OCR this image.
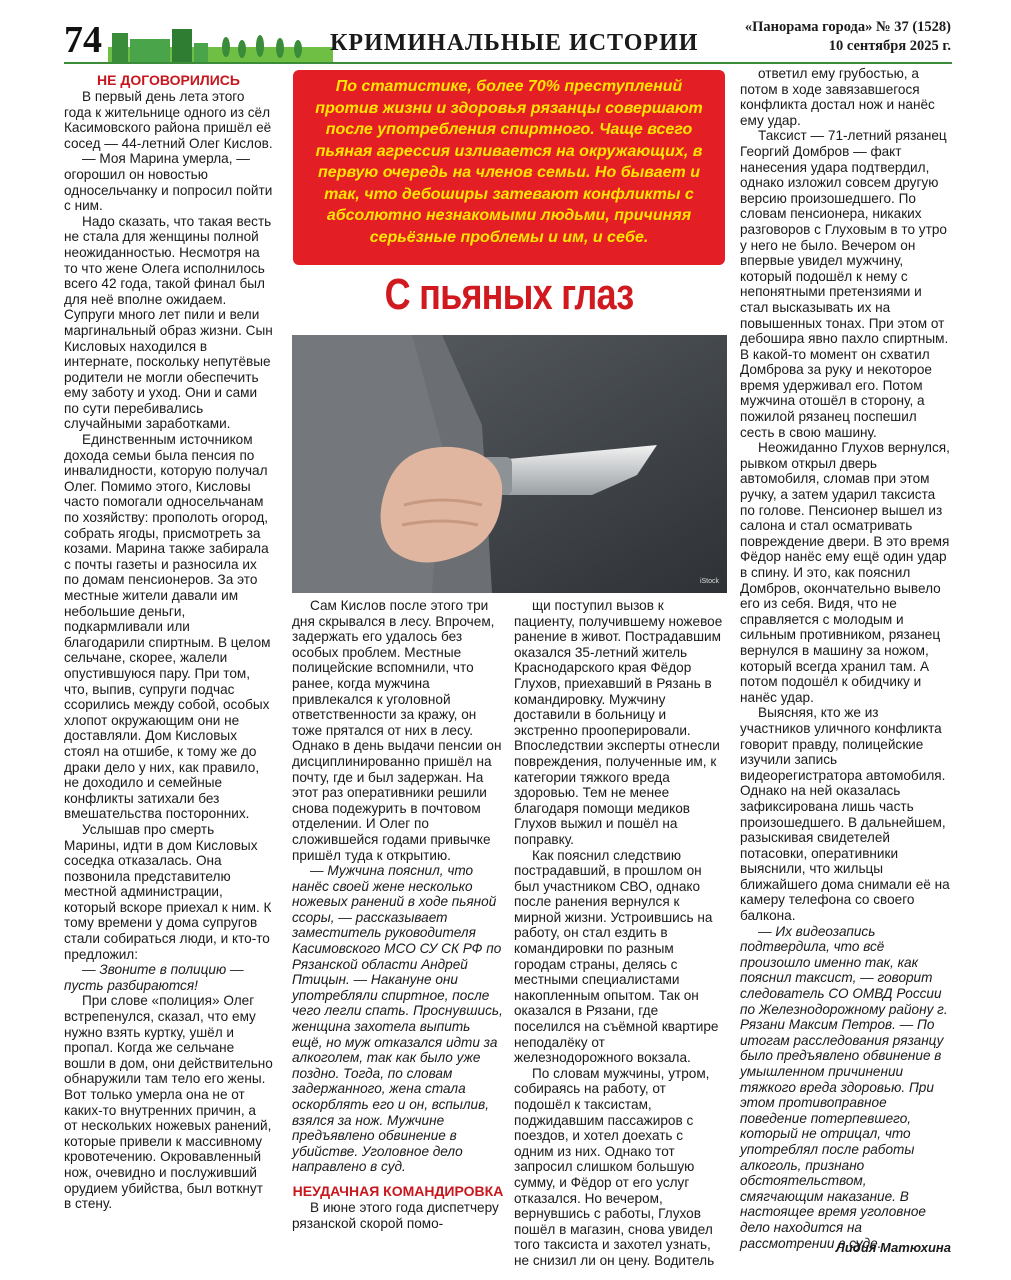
74	КРИМИНАЛЬНЫЕ ИСТОРИИ
«Панорама города» № 37 (1528)
10 сентября 2025 г.
НЕ ДОГОВОРИЛИСЬ

В первый день лета этого года к жительнице одного из сёл Касимовского района пришёл её сосед — 44-летний Олег Кислов.

— Моя Марина умерла, — огорошил он новостью односельчанку и попросил пойти с ним.

Надо сказать, что такая весть не стала для женщины полной неожиданностью. Несмотря на то что жене Олега исполнилось всего 42 года, такой финал был для неё вполне ожидаем. Супруги много лет пили и вели маргинальный образ жизни. Сын Кисловых находился в интернате, поскольку непутёвые родители не могли обеспечить ему заботу и уход. Они и сами по сути перебивались случайными заработками.

Единственным источником дохода семьи была пенсия по инвалидности, которую получал Олег. Помимо этого, Кисловы часто помогали односельчанам по хозяйству: прополоть огород, собрать ягоды, присмотреть за козами. Марина также забирала с почты газеты и разносила их по домам пенсионеров. За это местные жители давали им небольшие деньги, подкармливали или благодарили спиртным. В целом сельчане, скорее, жалели опустившуюся пару. При том, что, выпив, супруги подчас ссорились между собой, особых хлопот окружающим они не доставляли. Дом Кисловых стоял на отшибе, к тому же до драки дело у них, как правило, не доходило и семейные конфликты затихали без вмешательства посторонних.

Услышав про смерть Марины, идти в дом Кисловых соседка отказалась. Она позвонила представителю местной администрации, который вскоре приехал к ним. К тому времени у дома супругов стали собираться люди, и кто-то предложил:

— Звоните в полицию — пусть разбираются!

При слове «полиция» Олег встрепенулся, сказал, что ему нужно взять куртку, ушёл и пропал. Когда же сельчане вошли в дом, они действительно обнаружили там тело его жены. Вот только умерла она не от каких-то внутренних причин, а от нескольких ножевых ранений, которые привели к массивному кровотечению. Окровавленный нож, очевидно и послуживший орудием убийства, был воткнут в стену.

По статистике, более 70% преступлений против жизни и здоровья рязанцы совершают после употребления спиртного. Чаще всего пьяная агрессия изливается на окружающих, в первую очередь на членов семьи. Но бывает и так, что дебоширы затевают конфликты с абсолютно незнакомыми людьми, причиняя серьёзные проблемы и им, и себе.
С пьяных глаз
iStock

Сам Кислов после этого три дня скрывался в лесу. Впрочем, задержать его удалось без особых проблем. Местные полицейские вспомнили, что ранее, когда мужчина привлекался к уголовной ответственности за кражу, он тоже прятался от них в лесу. Однако в день выдачи пенсии он дисциплинированно пришёл на почту, где и был задержан. На этот раз оперативники решили снова подежурить в почтовом отделении. И Олег по сложившейся годами привычке пришёл туда к открытию.

— Мужчина пояснил, что нанёс своей жене несколько ножевых ранений в ходе пьяной ссоры, — рассказывает заместитель руководителя Касимовского МСО СУ СК РФ по Рязанской области Андрей Птицын. — Накануне они употребляли спиртное, после чего легли спать. Проснувшись, женщина захотела выпить ещё, но муж отказался идти за алкоголем, так как было уже поздно. Тогда, по словам задержанного, жена стала оскорблять его и он, вспылив, взялся за нож. Мужчине предъявлено обвинение в убийстве. Уголовное дело направлено в суд.

НЕУДАЧНАЯ КОМАНДИРОВКА

В июне этого года диспетчеру рязанской скорой помо-

щи поступил вызов к пациенту, получившему ножевое ранение в живот. Пострадавшим оказался 35-летний житель Краснодарского края Фёдор Глухов, приехавший в Рязань в командировку. Мужчину доставили в больницу и экстренно прооперировали. Впоследствии эксперты отнесли повреждения, полученные им, к категории тяжкого вреда здоровью. Тем не менее благодаря помощи медиков Глухов выжил и пошёл на поправку.

Как пояснил следствию пострадавший, в прошлом он был участником СВО, однако после ранения вернулся к мирной жизни. Устроившись на работу, он стал ездить в командировки по разным городам страны, делясь с местными специалистами накопленным опытом. Так он оказался в Рязани, где поселился на съёмной квартире неподалёку от железнодорожного вокзала.

По словам мужчины, утром, собираясь на работу, от подошёл к таксистам, поджидавшим пассажиров с поездов, и хотел доехать с одним из них. Однако тот запросил слишком большую сумму, и Фёдор от его услуг отказался. Но вечером, вернувшись с работы, Глухов пошёл в магазин, снова увидел того таксиста и захотел узнать, не снизил ли он цену. Водитель

ответил ему грубостью, а потом в ходе завязавшегося конфликта достал нож и нанёс ему удар.

Таксист — 71-летний рязанец Георгий Домбров — факт нанесения удара подтвердил, однако изложил совсем другую версию произошедшего. По словам пенсионера, никаких разговоров с Глуховым в то утро у него не было. Вечером он впервые увидел мужчину, который подошёл к нему с непонятными претензиями и стал высказывать их на повышенных тонах. При этом от дебошира явно пахло спиртным. В какой-то момент он схватил Домброва за руку и некоторое время удерживал его. Потом мужчина отошёл в сторону, а пожилой рязанец поспешил сесть в свою машину.

Неожиданно Глухов вернулся, рывком открыл дверь автомобиля, сломав при этом ручку, а затем ударил таксиста по голове. Пенсионер вышел из салона и стал осматривать повреждение двери. В это время Фёдор нанёс ему ещё один удар в спину. И это, как пояснил Домбров, окончательно вывело его из себя. Видя, что не справляется с молодым и сильным противником, рязанец вернулся в машину за ножом, который всегда хранил там. А потом подошёл к обидчику и нанёс удар.

Выясняя, кто же из участников уличного конфликта говорит правду, полицейские изучили запись видеорегистратора автомобиля. Однако на ней оказалась зафиксирована лишь часть произошедшего. В дальнейшем, разыскивая свидетелей потасовки, оперативники выяснили, что жильцы ближайшего дома снимали её на камеру телефона со своего балкона.

— Их видеозапись подтвердила, что всё произошло именно так, как пояснил таксист, — говорит следователь СО ОМВД России по Железнодорожному району г. Рязани Максим Петров. — По итогам расследования рязанцу было предъявлено обвинение в умышленном причинении тяжкого вреда здоровью. При этом противоправное поведение потерпевшего, который не отрицал, что употреблял после работы алкоголь, признано обстоятельством, смягчающим наказание. В настоящее время уголовное дело находится на рассмотрении в суде.

Лидия Матюхина
